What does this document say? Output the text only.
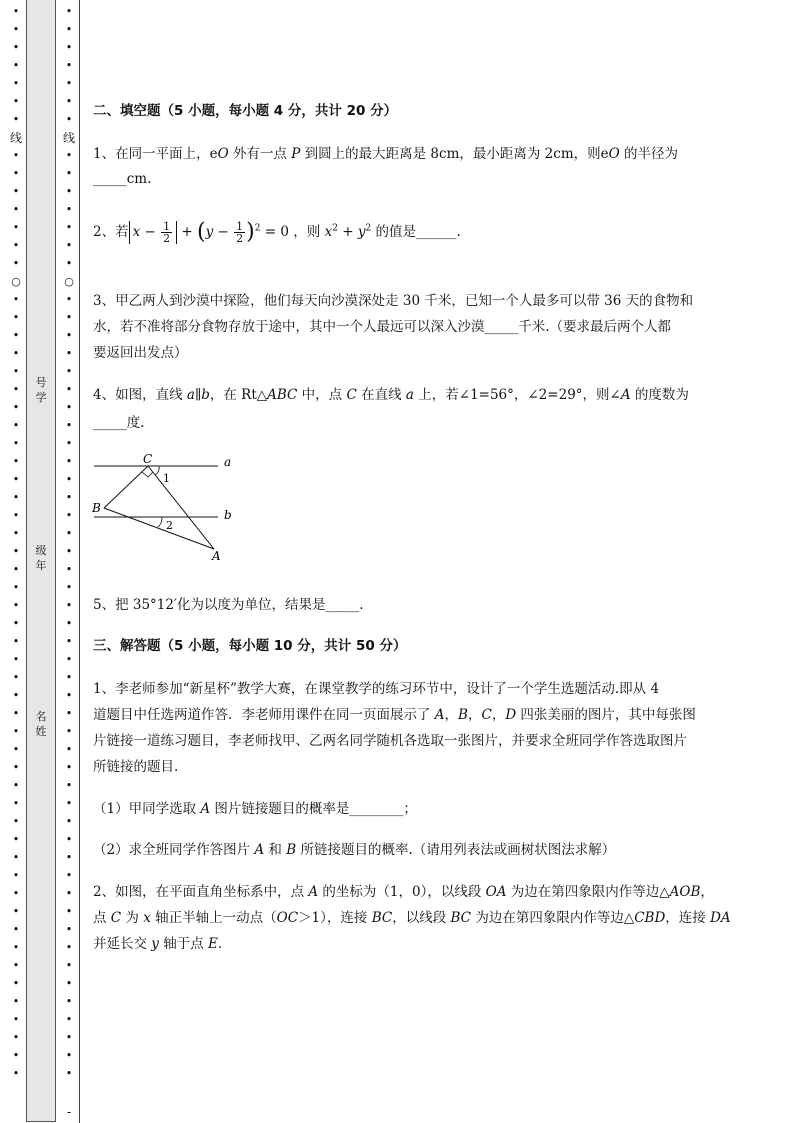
•
•
•
•
•
•
•
线
•
•
•
•
•
•
•
○
•
•
•
•
•
•
•
•
•
•
•
•
•
•
•
•
•
•
•
•
•
•
•
•
•
•
•
•
•
•
•
•
•
•
•
•
•
•
•
•
•
•
•
•
号
学
级
年
名
姓
•
•
•
•
•
•
•
线
•
•
•
•
•
•
•
○
•
•
•
•
•
•
•
•
•
•
•
•
•
•
•
•
•
•
•
•
•
•
•
•
•
•
•
•
•
•
•
•
•
•
•
•
•
•
•
•
•
•
•
•
-
二、填空题（5 小题，每小题 4 分，共计 20 分）
1、在同一平面上，eO 外有一点 P 到圆上的最大距离是 8cm，最小距离为 2cm，则eO 的半径为
_____cm.
2、若 $x - \frac{1}{2} + (y - \frac{1}{2} )^2 = 0$ ，则 $x^2 + y^2$ 的值是______.
3、甲乙两人到沙漠中探险，他们每天向沙漠深处走 30 千米，已知一个人最多可以带 36 天的食物和
水，若不准将部分食物存放于途中，其中一个人最远可以深入沙漠_____千米.（要求最后两个人都
要返回出发点）
4、如图，直线 a∥b，在 Rt△ABC 中，点 C 在直线 a 上，若∠1=56°，∠2=29°，则∠A 的度数为
_____度.
5、把 35°12′化为以度为单位，结果是_____.
三、解答题（5 小题，每小题 10 分，共计 50 分）
1、李老师参加“新星杯”教学大赛，在课堂教学的练习环节中，设计了一个学生选题活动.即从 4
道题目中任选两道作答．李老师用课件在同一页面展示了 A，B，C，D 四张美丽的图片，其中每张图
片链接一道练习题目，李老师找甲、乙两名同学随机各选取一张图片，并要求全班同学作答选取图片
所链接的题目.
（1）甲同学选取 A 图片链接题目的概率是________；
（2）求全班同学作答图片 A 和 B 所链接题目的概率.（请用列表法或画树状图法求解）
2、如图，在平面直角坐标系中，点 A 的坐标为（1，0），以线段 OA 为边在第四象限内作等边△AOB，
点 C 为 x 轴正半轴上一动点（OC＞1），连接 BC，以线段 BC 为边在第四象限内作等边△CBD，连接 DA
并延长交 y 轴于点 E.
C	a
B	b
A
1
2
